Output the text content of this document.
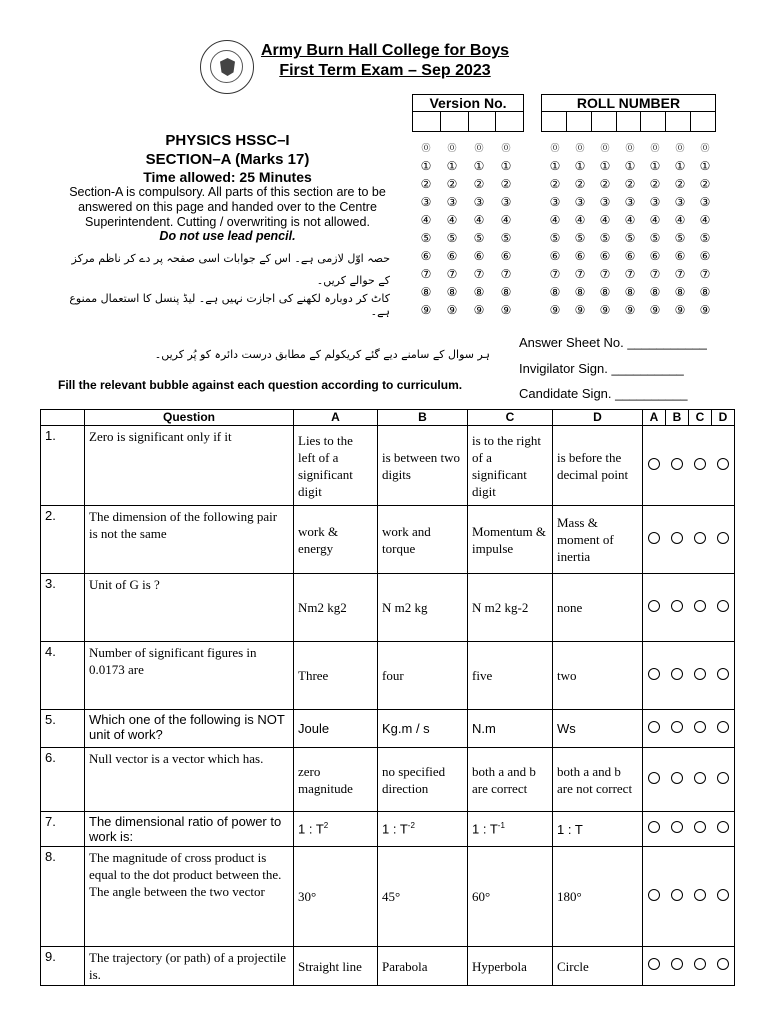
Army Burn Hall College for Boys
First Term Exam – Sep 2023
Version No.	ROLL NUMBER
⓪
①
②
③
④
⑤
⑥
⑦
⑧
⑨
⓪
①
②
③
④
⑤
⑥
⑦
⑧
⑨
⓪
①
②
③
④
⑤
⑥
⑦
⑧
⑨
⓪
①
②
③
④
⑤
⑥
⑦
⑧
⑨
⓪
①
②
③
④
⑤
⑥
⑦
⑧
⑨
⓪
①
②
③
④
⑤
⑥
⑦
⑧
⑨
⓪
①
②
③
④
⑤
⑥
⑦
⑧
⑨
⓪
①
②
③
④
⑤
⑥
⑦
⑧
⑨
⓪
①
②
③
④
⑤
⑥
⑦
⑧
⑨
⓪
①
②
③
④
⑤
⑥
⑦
⑧
⑨
⓪
①
②
③
④
⑤
⑥
⑦
⑧
⑨
PHYSICS HSSC–I
SECTION–A (Marks 17)
Time allowed: 25 Minutes
Section-A is compulsory. All parts of this section are to be answered on this page and handed over to the Centre Superintendent. Cutting / overwriting is not allowed.
Do not use lead pencil.
حصہ اوّل لازمی ہے۔ اس کے جوابات اسی صفحہ پر دے کر ناظم مرکز کے حوالے کریں۔
کاٹ کر دوبارہ لکھنے کی اجازت نہیں ہے۔ لیڈ پنسل کا استعمال ممنوع ہے۔
ہر سوال کے سامنے دیے گئے کریکولم کے مطابق درست دائرہ کو پُر کریں۔
Fill the relevant bubble against each question according to curriculum.
Answer Sheet No. ___________
Invigilator Sign. __________
Candidate Sign. __________
	Question	A	B	C	D	A	B	C	D
1.	Zero is significant only if it	Lies to the left of a significant digit	is between two digits	is to the right of a significant digit	is before the decimal point				
2.	The dimension of the following pair is not the same	work & energy	work and torque	Momentum & impulse	Mass & moment of inertia				
3.	Unit of G is ?	Nm2 kg2	N m2 kg	N m2 kg-2	none				
4.	Number of significant figures in 0.0173 are	Three	four	five	two				
5.	Which one of the following is NOT unit of work?	Joule	Kg.m / s	N.m	Ws				
6.	Null vector is a vector which has.	zero magnitude	no specified direction	both a and b are correct	both a and b are not correct				
7.	The dimensional ratio of power to work is:	1 : $T^2$	1 : $T^{-2}$	1 : $T^{-1}$	1 : T				
8.	The magnitude of cross product is equal to the dot product between the. The angle between the two vector	30°	45°	60°	180°				
9.	The trajectory (or path) of a projectile is.	Straight line	Parabola	Hyperbola	Circle				
